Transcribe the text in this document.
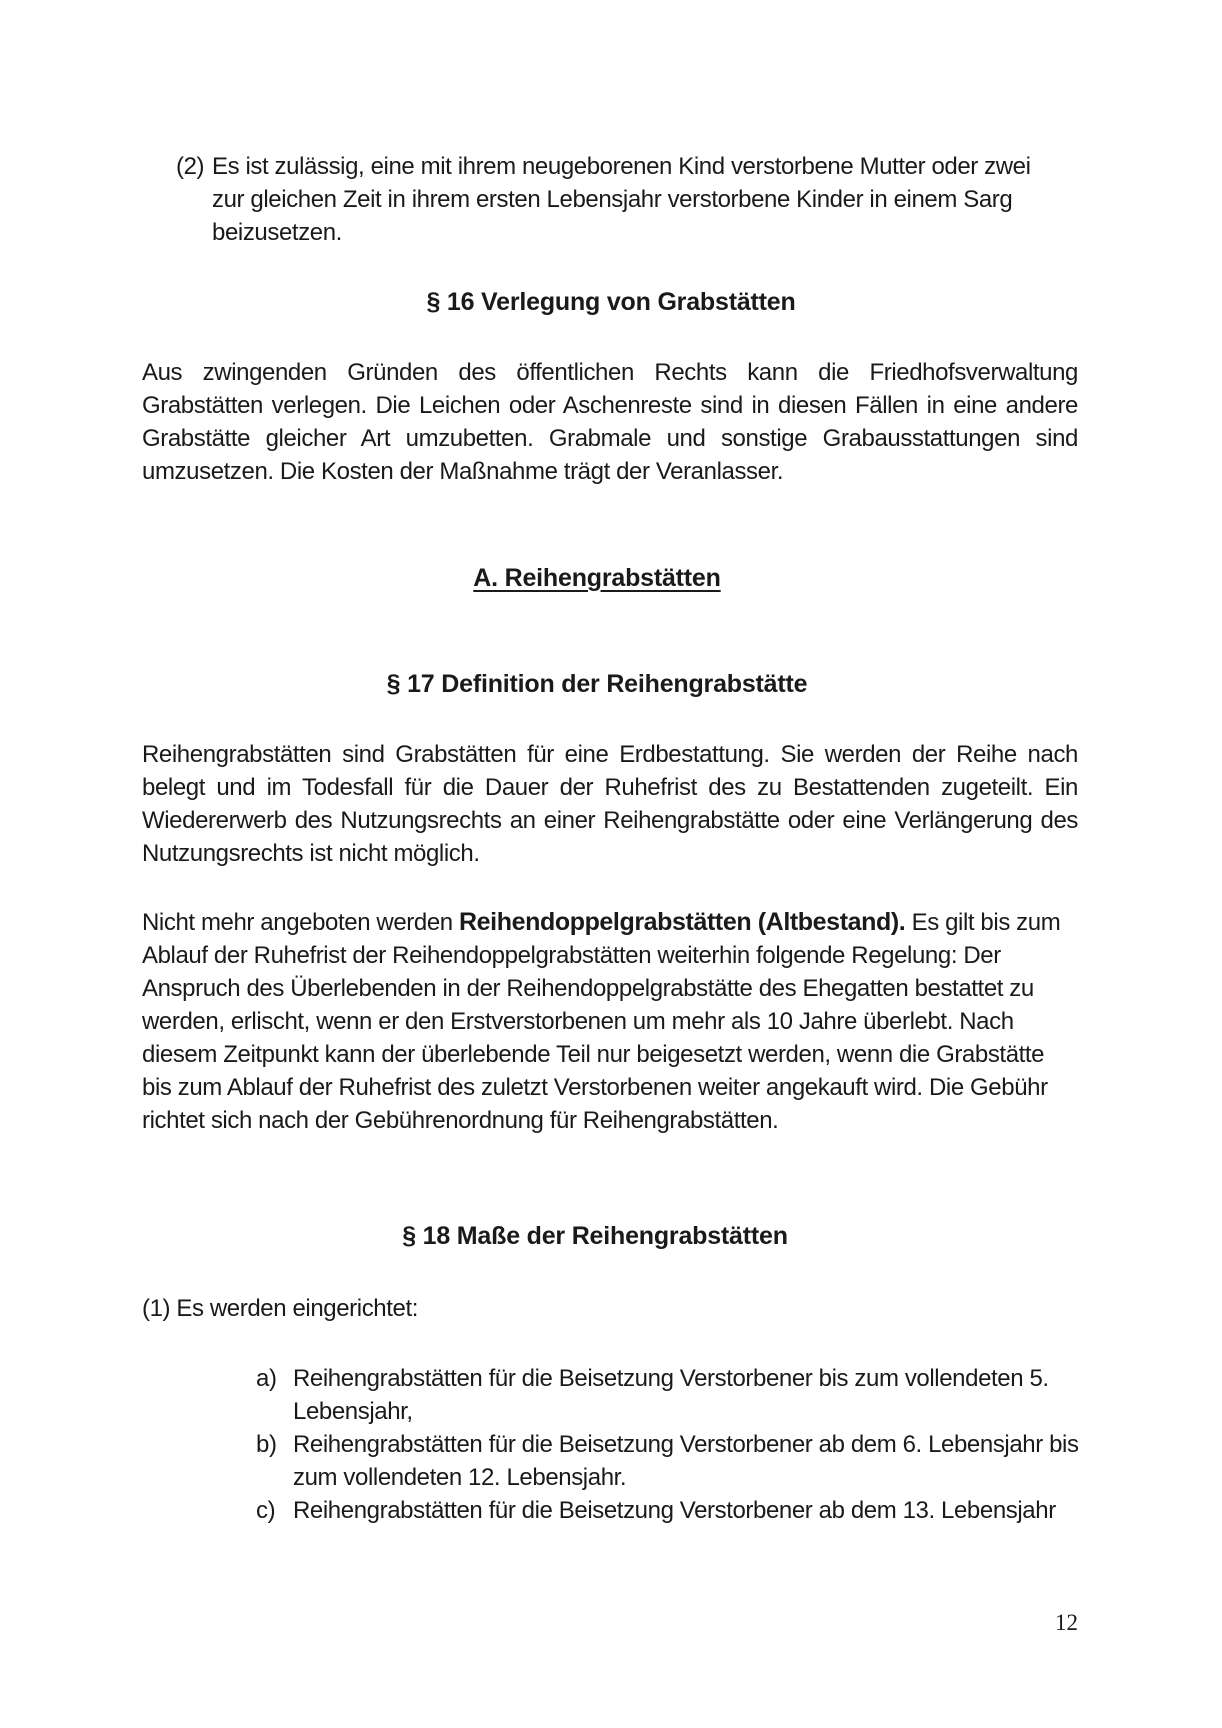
(2) Es ist zulässig, eine mit ihrem neugeborenen Kind verstorbene Mutter oder zwei zur gleichen Zeit in ihrem ersten Lebensjahr verstorbene Kinder in einem Sarg beizusetzen.
§ 16 Verlegung von Grabstätten
Aus zwingenden Gründen des öffentlichen Rechts kann die Friedhofsverwaltung Grabstätten verlegen. Die Leichen oder Aschenreste sind in diesen Fällen in eine andere Grabstätte gleicher Art umzubetten. Grabmale und sonstige Grabausstattungen sind umzusetzen. Die Kosten der Maßnahme trägt der Veranlasser.
A. Reihengrabstätten
§ 17 Definition der Reihengrabstätte
Reihengrabstätten sind Grabstätten für eine Erdbestattung. Sie werden der Reihe nach belegt und im Todesfall für die Dauer der Ruhefrist des zu Bestattenden zugeteilt. Ein Wiedererwerb des Nutzungsrechts an einer Reihengrabstätte oder eine Verlängerung des Nutzungsrechts ist nicht möglich.
Nicht mehr angeboten werden Reihendoppelgrabstätten (Altbestand). Es gilt bis zum Ablauf der Ruhefrist der Reihendoppelgrabstätten weiterhin folgende Regelung: Der Anspruch des Überlebenden in der Reihendoppelgrabstätte des Ehegatten bestattet zu werden, erlischt, wenn er den Erstverstorbenen um mehr als 10 Jahre überlebt. Nach diesem Zeitpunkt kann der überlebende Teil nur beigesetzt werden, wenn die Grabstätte bis zum Ablauf der Ruhefrist des zuletzt Verstorbenen weiter angekauft wird. Die Gebühr richtet sich nach der Gebührenordnung für Reihengrabstätten.
§ 18 Maße der Reihengrabstätten
(1) Es werden eingerichtet:
a) Reihengrabstätten für die Beisetzung Verstorbener bis zum vollendeten 5. Lebensjahr,
b) Reihengrabstätten für die Beisetzung Verstorbener ab dem 6. Lebensjahr bis zum vollendeten 12. Lebensjahr.
c) Reihengrabstätten für die Beisetzung Verstorbener ab dem 13. Lebensjahr
12
